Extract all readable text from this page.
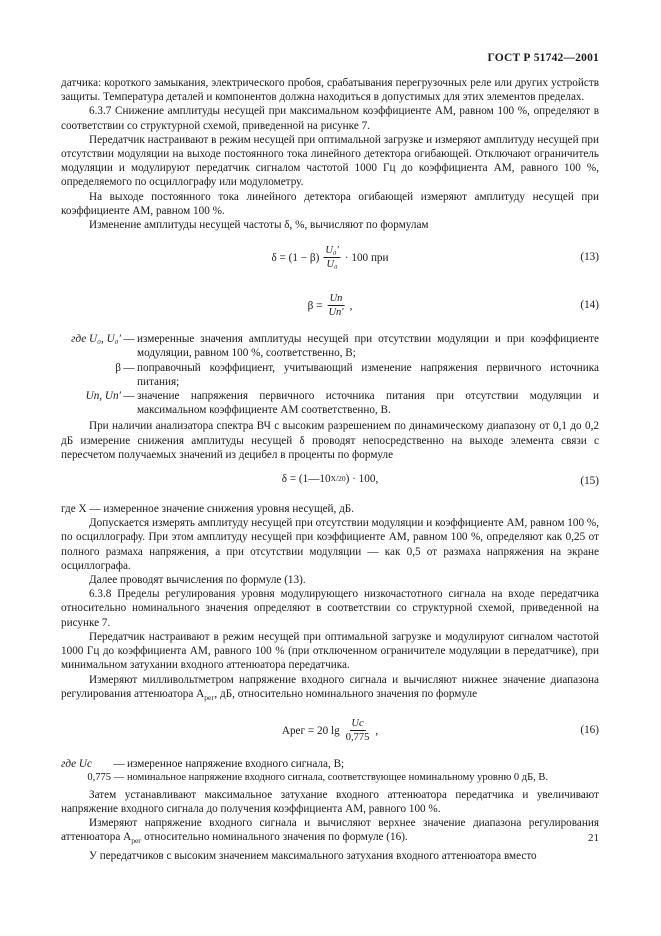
ГОСТ Р 51742—2001

датчика: короткого замыкания, электрического пробоя, срабатывания перегрузочных реле или других устройств защиты. Температура деталей и компонентов должна находиться в допустимых для этих элементов пределах.

6.3.7 Снижение амплитуды несущей при максимальном коэффициенте АМ, равном 100 %, определяют в соответствии со структурной схемой, приведенной на рисунке 7.

Передатчик настраивают в режим несущей при оптимальной загрузке и измеряют амплитуду несущей при отсутствии модуляции на выходе постоянного тока линейного детектора огибающей. Отключают ограничитель модуляции и модулируют передатчик сигналом частотой 1000 Гц до коэффициента АМ, равного 100 %, определяемого по осциллографу или модулометру.

На выходе постоянного тока линейного детектора огибающей измеряют амплитуду несущей при коэффициенте АМ, равном 100 %.

Изменение амплитуды несущей частоты δ, %, вычисляют по формулам

$\delta = (1 - \beta) \frac{\text{U₀′}}{\text{U₀}} \cdot 100$ при	(13)
$\beta = \frac{Uп}{Uп'}$ ,	(14)
где U₀, U₀′ — измеренные значения амплитуды несущей при отсутствии модуляции и при коэффициенте модуляции, равном 100 %, соответственно, В;
β — поправочный коэффициент, учитывающий изменение напряжения первичного источника питания;
Uп, Uп′ — значение напряжения первичного источника питания при отсутствии модуляции и максимальном коэффициенте АМ соответственно, В.

При наличии анализатора спектра ВЧ с высоким разрешением по динамическому диапазону от 0,1 до 0,2 дБ измерение снижения амплитуды несущей δ проводят непосредственно на выходе элемента связи с пересчетом получаемых значений из децибел в проценты по формуле

δ = (1—10 X/20 ) · 100,	(15)

где X — измеренное значение снижения уровня несущей, дБ.

Допускается измерять амплитуду несущей при отсутствии модуляции и коэффициенте АМ, равном 100 %, по осциллографу. При этом амплитуду несущей при коэффициенте АМ, равном 100 %, определяют как 0,25 от полного размаха напряжения, а при отсутствии модуляции — как 0,5 от размаха напряжения на экране осциллографа.

Далее проводят вычисления по формуле (13).

6.3.8 Пределы регулирования уровня модулирующего низкочастотного сигнала на входе передатчика относительно номинального значения определяют в соответствии со структурной схемой, приведенной на рисунке 7.

Передатчик настраивают в режим несущей при оптимальной загрузке и модулируют сигналом частотой 1000 Гц до коэффициента АМ, равного 100 % (при отключенном ограничителе модуляции в передатчике), при минимальном затухании входного аттенюатора передатчика.

Измеряют милливольтметром напряжение входного сигнала и вычисляют нижнее значение диапазона регулирования аттенюатора $A_{рег}$, дБ, относительно номинального значения по формуле

Aрег = 20 $\lg \frac{Uс}{0,775}$ ,	(16)
где Uс	— измеренное напряжение входного сигнала, В;
0,775 — номинальное напряжение входного сигнала, соответствующее номинальному уровню 0 дБ, В.

Затем устанавливают максимальное затухание входного аттенюатора передатчика и увеличивают напряжение входного сигнала до получения коэффициента АМ, равного 100 %.

Измеряют напряжение входного сигнала и вычисляют верхнее значение диапазона регулирования аттенюатора $A_{рег}$ относительно номинального значения по формуле (16).

У передатчиков с высоким значением максимального затухания входного аттенюатора вместо

21
